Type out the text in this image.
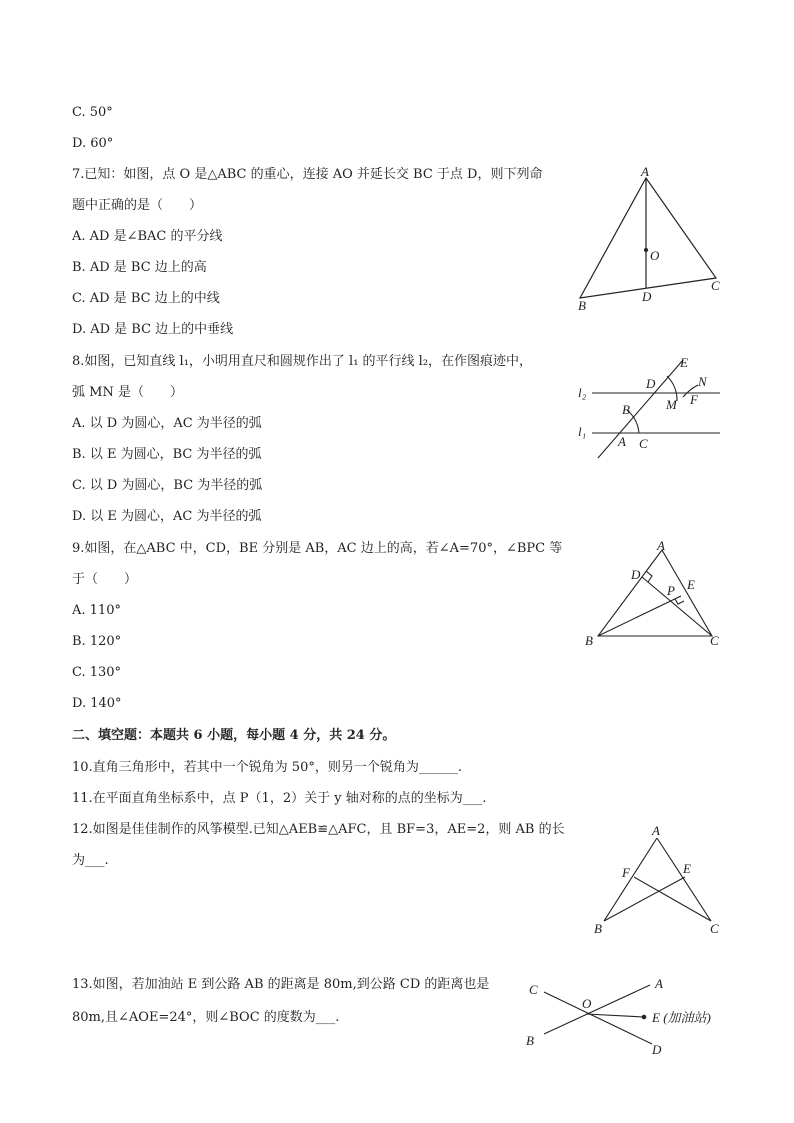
C. 50°
D. 60°
7.已知：如图，点 O 是△ABC 的重心，连接 AO 并延长交 BC 于点 D，则下列命
题中正确的是（　　）
A. AD 是∠BAC 的平分线
B. AD 是 BC 边上的高
C. AD 是 BC 边上的中线
D. AD 是 BC 边上的中垂线
8.如图，已知直线 l₁，小明用直尺和圆规作出了 l₁ 的平行线 l₂，在作图痕迹中，
弧 MN 是（　　）
A. 以 D 为圆心，AC 为半径的弧
B. 以 E 为圆心，BC 为半径的弧
C. 以 D 为圆心，BC 为半径的弧
D. 以 E 为圆心，AC 为半径的弧
9.如图，在△ABC 中，CD，BE 分别是 AB，AC 边上的高，若∠A=70°，∠BPC 等
于（　　）
A. 110°
B. 120°
C. 130°
D. 140°
二、填空题：本题共 6 小题，每小题 4 分，共 24 分。
10.直角三角形中，若其中一个锐角为 50°，则另一个锐角为______.
11.在平面直角坐标系中，点 P（1，2）关于 y 轴对称的点的坐标为___.
12.如图是佳佳制作的风筝模型.已知△AEB≌△AFC，且 BF=3，AE=2，则 AB 的长
为___.
13.如图，若加油站 E 到公路 AB 的距离是 80m,到公路 CD 的距离也是
80m,且∠AOE=24°，则∠BOC 的度数为___.
A
O
D
B
C
E
D	N
l₂
M F
B
l₁
A C
A
D
E
P
B	C
A
F	E
B	C
C
O
A
E (加油站)
B
D
